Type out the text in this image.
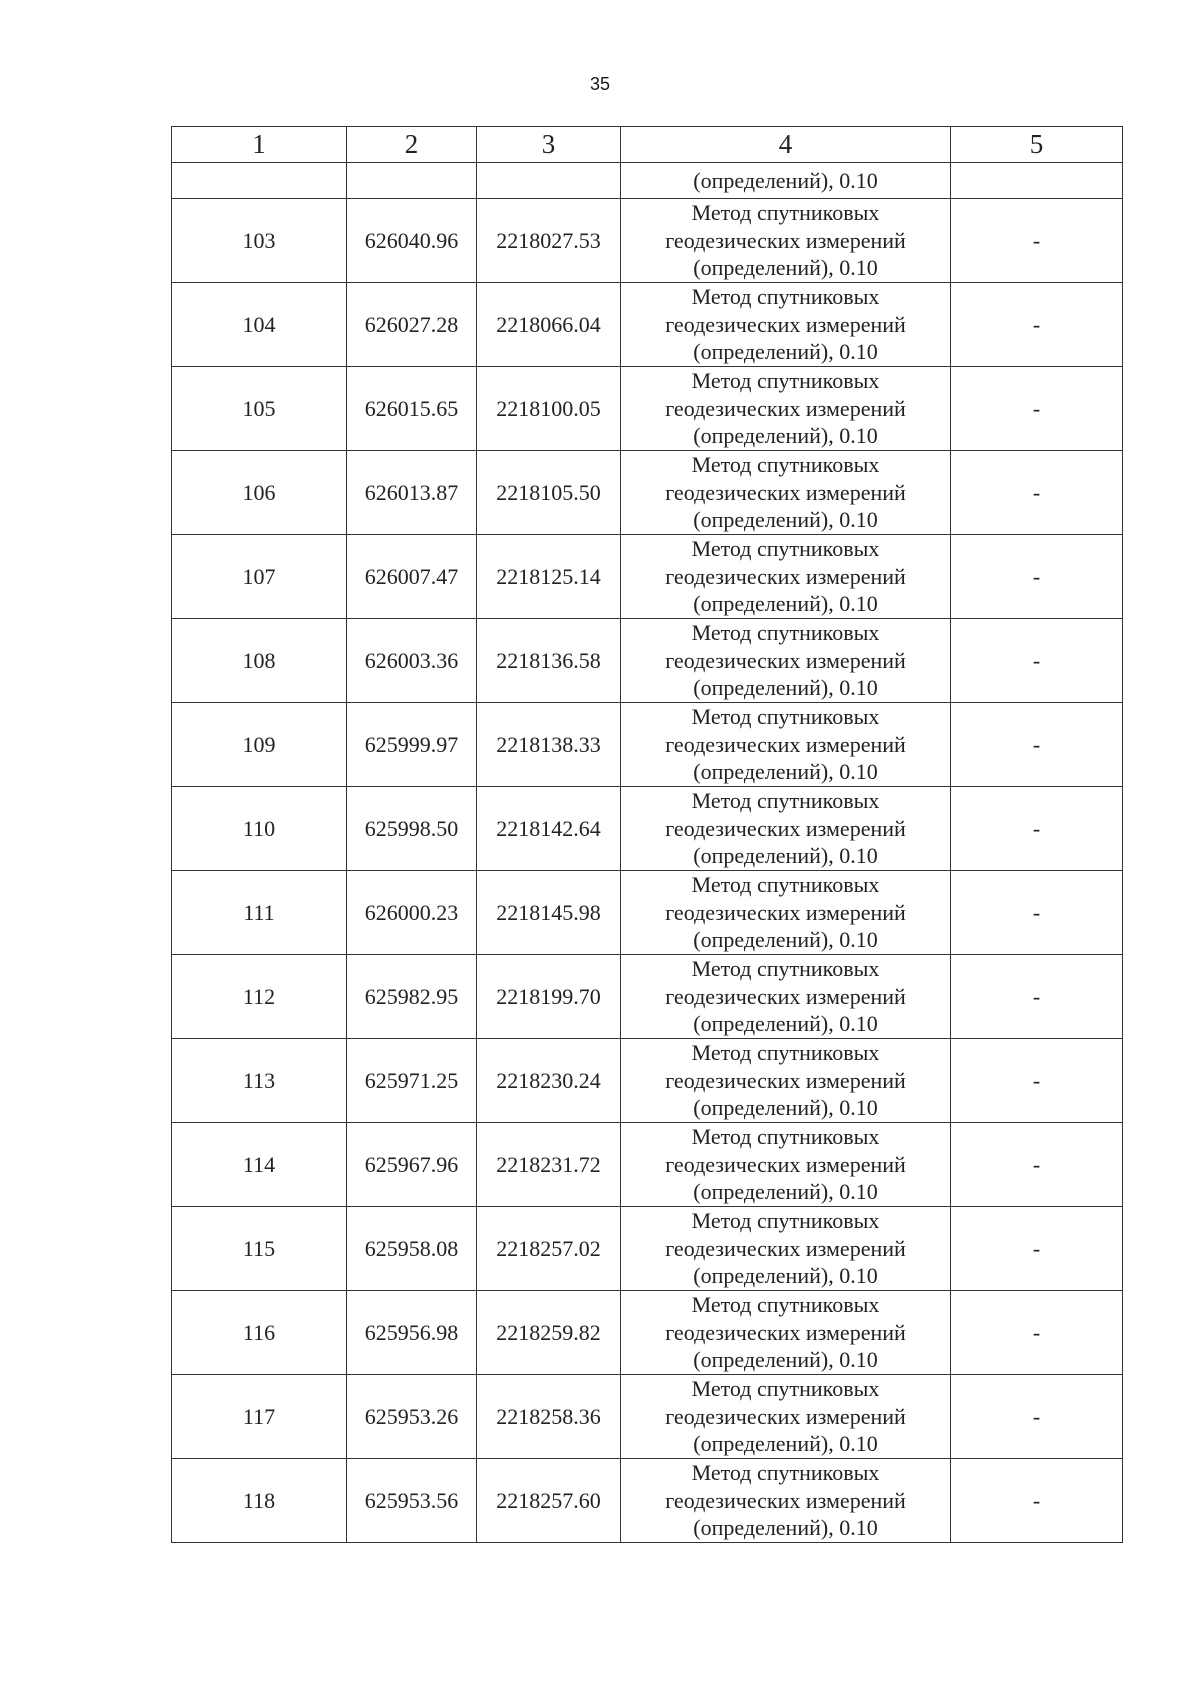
35
1	2	3	4	5
			(определений), 0.10	
103	626040.96	2218027.53	Метод спутниковых
геодезических измерений
(определений), 0.10	-
104	626027.28	2218066.04	Метод спутниковых
геодезических измерений
(определений), 0.10	-
105	626015.65	2218100.05	Метод спутниковых
геодезических измерений
(определений), 0.10	-
106	626013.87	2218105.50	Метод спутниковых
геодезических измерений
(определений), 0.10	-
107	626007.47	2218125.14	Метод спутниковых
геодезических измерений
(определений), 0.10	-
108	626003.36	2218136.58	Метод спутниковых
геодезических измерений
(определений), 0.10	-
109	625999.97	2218138.33	Метод спутниковых
геодезических измерений
(определений), 0.10	-
110	625998.50	2218142.64	Метод спутниковых
геодезических измерений
(определений), 0.10	-
111	626000.23	2218145.98	Метод спутниковых
геодезических измерений
(определений), 0.10	-
112	625982.95	2218199.70	Метод спутниковых
геодезических измерений
(определений), 0.10	-
113	625971.25	2218230.24	Метод спутниковых
геодезических измерений
(определений), 0.10	-
114	625967.96	2218231.72	Метод спутниковых
геодезических измерений
(определений), 0.10	-
115	625958.08	2218257.02	Метод спутниковых
геодезических измерений
(определений), 0.10	-
116	625956.98	2218259.82	Метод спутниковых
геодезических измерений
(определений), 0.10	-
117	625953.26	2218258.36	Метод спутниковых
геодезических измерений
(определений), 0.10	-
118	625953.56	2218257.60	Метод спутниковых
геодезических измерений
(определений), 0.10	-
